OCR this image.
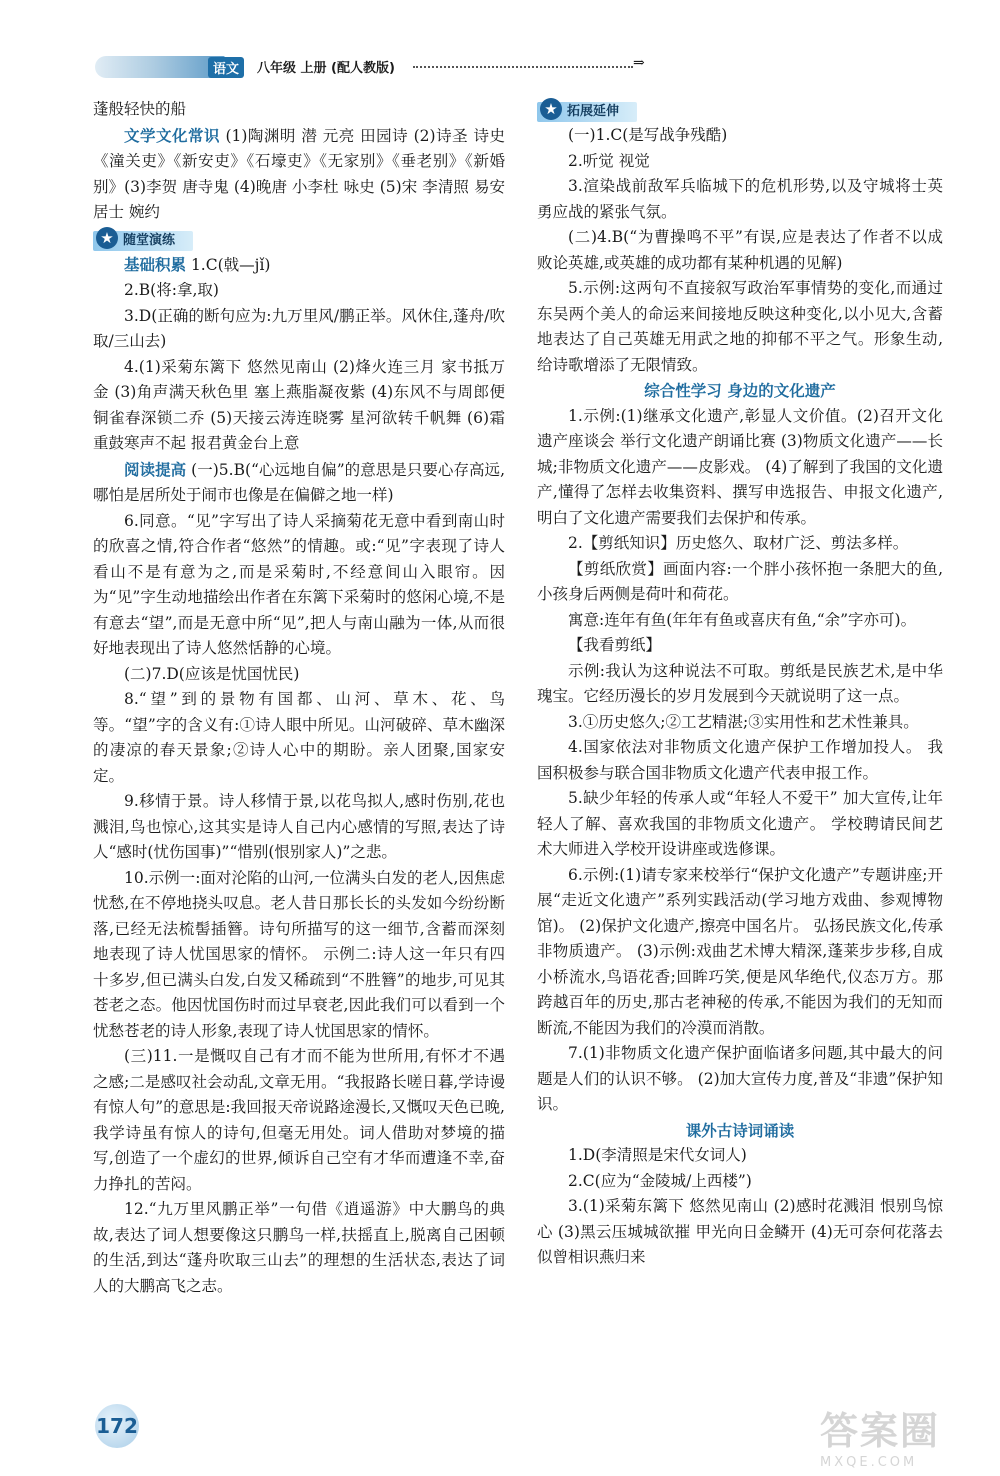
语文	八年级 上册 (配人教版)	⇒

蓬般轻快的船

文学文化常识 (1)陶渊明 潜 元亮 田园诗 (2)诗圣 诗史 《潼关吏》《新安吏》《石壕吏》《无家别》《垂老别》《新婚别》(3)李贺 唐寺鬼 (4)晚唐 小李杜 咏史 (5)宋 李清照 易安居士 婉约

★ 随堂演练

基础积累 1.C(戟—jǐ)

2.B(将:拿,取)

3.D(正确的断句应为:九万里风/鹏正举。风休住,蓬舟/吹取/三山去)

4.(1)采菊东篱下 悠然见南山 (2)烽火连三月 家书抵万金 (3)角声满天秋色里 塞上燕脂凝夜紫 (4)东风不与周郎便 铜雀春深锁二乔 (5)天接云涛连晓雾 星河欲转千帆舞 (6)霜重鼓寒声不起 报君黄金台上意

阅读提高 (一)5.B(“心远地自偏”的意思是只要心存高远,哪怕是居所处于闹市也像是在偏僻之地一样)

6.同意。“见”字写出了诗人采摘菊花无意中看到南山时的欣喜之情,符合作者“悠然”的情趣。或:“见”字表现了诗人看山不是有意为之,而是采菊时,不经意间山入眼帘。因为“见”字生动地描绘出作者在东篱下采菊时的悠闲心境,不是有意去“望”,而是无意中所“见”,把人与南山融为一体,从而很好地表现出了诗人悠然恬静的心境。

(二)7.D(应该是忧国忧民)

8.“望”到的景物有国都、山河、草木、花、鸟等。“望”字的含义有:①诗人眼中所见。山河破碎、草木幽深的凄凉的春天景象;②诗人心中的期盼。亲人团聚,国家安定。

9.移情于景。诗人移情于景,以花鸟拟人,感时伤别,花也溅泪,鸟也惊心,这其实是诗人自己内心感情的写照,表达了诗人“感时(忧伤国事)”“惜别(恨别家人)”之悲。

10.示例一:面对沦陷的山河,一位满头白发的老人,因焦虑忧愁,在不停地挠头叹息。老人昔日那长长的头发如今纷纷断落,已经无法梳髻插簪。诗句所描写的这一细节,含蓄而深刻地表现了诗人忧国思家的情怀。 示例二:诗人这一年只有四十多岁,但已满头白发,白发又稀疏到“不胜簪”的地步,可见其苍老之态。他因忧国伤时而过早衰老,因此我们可以看到一个忧愁苍老的诗人形象,表现了诗人忧国思家的情怀。

(三)11.一是慨叹自己有才而不能为世所用,有怀才不遇之感;二是感叹社会动乱,文章无用。“我报路长嗟日暮,学诗谩有惊人句”的意思是:我回报天帝说路途漫长,又慨叹天色已晚,我学诗虽有惊人的诗句,但毫无用处。词人借助对梦境的描写,创造了一个虚幻的世界,倾诉自己空有才华而遭逢不幸,奋力挣扎的苦闷。

12.“九万里风鹏正举”一句借《逍遥游》中大鹏鸟的典故,表达了词人想要像这只鹏鸟一样,扶摇直上,脱离自己困顿的生活,到达“蓬舟吹取三山去”的理想的生活状态,表达了词人的大鹏高飞之志。

★ 拓展延伸

(一)1.C(是写战争残酷)

2.听觉 视觉

3.渲染战前敌军兵临城下的危机形势,以及守城将士英勇应战的紧张气氛。

(二)4.B(“为曹操鸣不平”有误,应是表达了作者不以成败论英雄,或英雄的成功都有某种机遇的见解)

5.示例:这两句不直接叙写政治军事情势的变化,而通过东吴两个美人的命运来间接地反映这种变化,以小见大,含蓄地表达了自己英雄无用武之地的抑郁不平之气。形象生动,给诗歌增添了无限情致。

综合性学习 身边的文化遗产

1.示例:(1)继承文化遗产,彰显人文价值。(2)召开文化遗产座谈会 举行文化遗产朗诵比赛 (3)物质文化遗产——长城;非物质文化遗产——皮影戏。 (4)了解到了我国的文化遗产,懂得了怎样去收集资料、撰写申选报告、申报文化遗产,明白了文化遗产需要我们去保护和传承。

2.【剪纸知识】历史悠久、取材广泛、剪法多样。

【剪纸欣赏】画面内容:一个胖小孩怀抱一条肥大的鱼,小孩身后两侧是荷叶和荷花。

寓意:连年有鱼(年年有鱼或喜庆有鱼,“余”字亦可)。

【我看剪纸】

示例:我认为这种说法不可取。剪纸是民族艺术,是中华瑰宝。它经历漫长的岁月发展到今天就说明了这一点。

3.①历史悠久;②工艺精湛;③实用性和艺术性兼具。

4.国家依法对非物质文化遗产保护工作增加投人。 我国积极参与联合国非物质文化遗产代表申报工作。

5.缺少年轻的传承人或“年轻人不爱干” 加大宣传,让年轻人了解、喜欢我国的非物质文化遗产。 学校聘请民间艺术大师进入学校开设讲座或选修课。

6.示例:(1)请专家来校举行“保护文化遗产”专题讲座;开展“走近文化遗产”系列实践活动(学习地方戏曲、参观博物馆)。 (2)保护文化遗产,擦亮中国名片。 弘扬民族文化,传承非物质遗产。 (3)示例:戏曲艺术博大精深,蓬莱步步移,自成小桥流水,鸟语花香;回眸巧笑,便是风华绝代,仪态万方。那跨越百年的历史,那古老神秘的传承,不能因为我们的无知而断流,不能因为我们的冷漠而消散。

7.(1)非物质文化遗产保护面临诸多问题,其中最大的问题是人们的认识不够。 (2)加大宣传力度,普及“非遗”保护知识。

课外古诗词诵读

1.D(李清照是宋代女词人)

2.C(应为“金陵城/上西楼”)

3.(1)采菊东篱下 悠然见南山 (2)感时花溅泪 恨别鸟惊心 (3)黑云压城城欲摧 甲光向日金鳞开 (4)无可奈何花落去 似曾相识燕归来

172	答案圈
MXQE.COM
